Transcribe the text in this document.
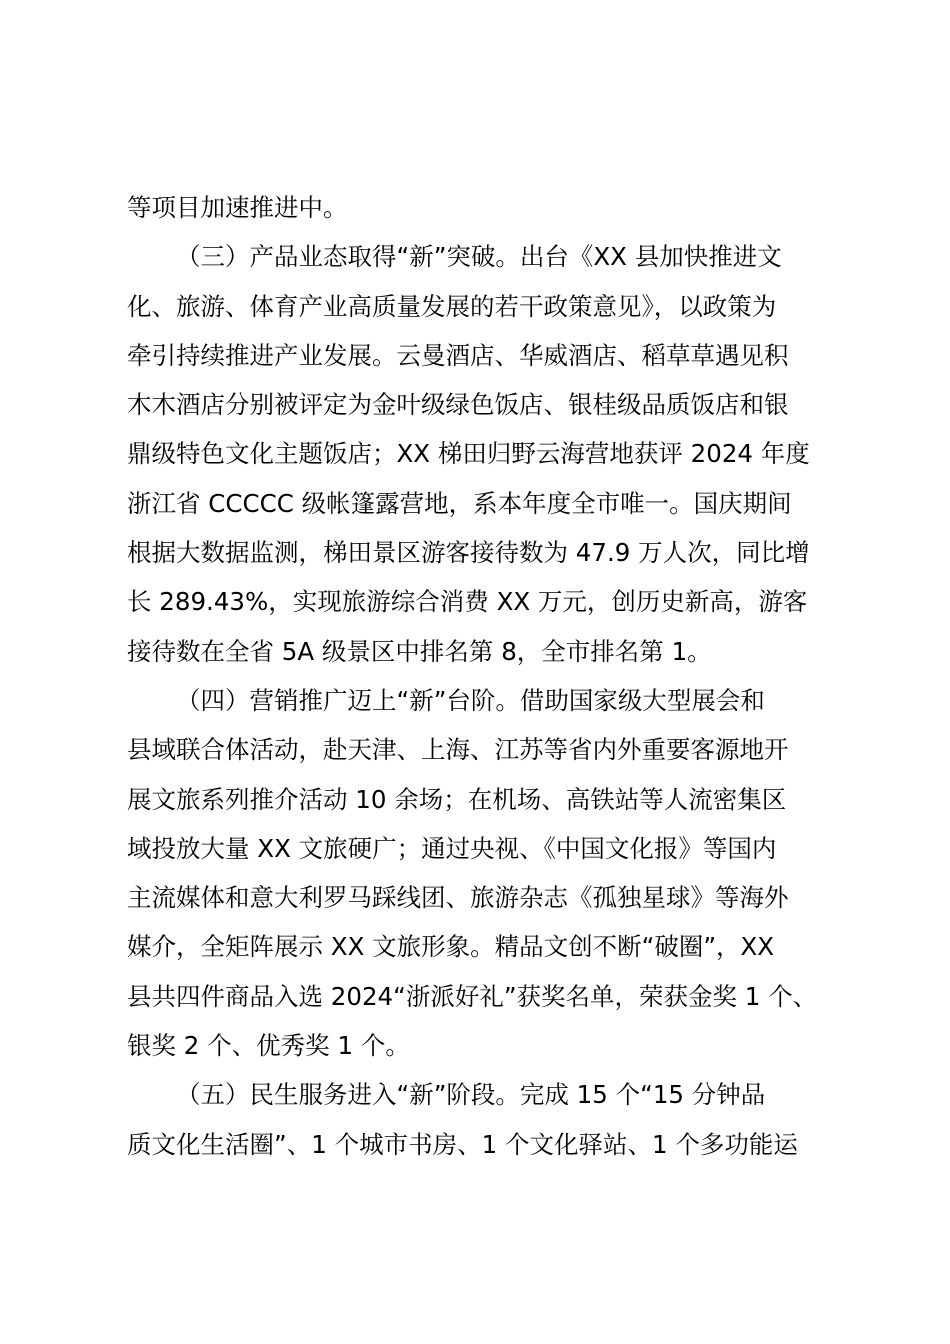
等项目加速推进中。
（三）产品业态取得“新”突破。出台《XX 县加快推进文
化、旅游、体育产业高质量发展的若干政策意见》，以政策为
牵引持续推进产业发展。云曼酒店、华威酒店、稻草草遇见积
木木酒店分别被评定为金叶级绿色饭店、银桂级品质饭店和银
鼎级特色文化主题饭店；XX 梯田归野云海营地获评 2024 年度
浙江省 CCCCC 级帐篷露营地，系本年度全市唯一。国庆期间
根据大数据监测，梯田景区游客接待数为 47.9 万人次，同比增
长 289.43%，实现旅游综合消费 XX 万元，创历史新高，游客
接待数在全省 5A 级景区中排名第 8，全市排名第 1。
（四）营销推广迈上“新”台阶。借助国家级大型展会和
县域联合体活动，赴天津、上海、江苏等省内外重要客源地开
展文旅系列推介活动 10 余场；在机场、高铁站等人流密集区
域投放大量 XX 文旅硬广；通过央视、《中国文化报》等国内
主流媒体和意大利罗马踩线团、旅游杂志《孤独星球》等海外
媒介，全矩阵展示 XX 文旅形象。精品文创不断“破圈”，XX
县共四件商品入选 2024“浙派好礼”获奖名单，荣获金奖 1 个、
银奖 2 个、优秀奖 1 个。
（五）民生服务进入“新”阶段。完成 15 个“15 分钟品
质文化生活圈”、1 个城市书房、1 个文化驿站、1 个多功能运
